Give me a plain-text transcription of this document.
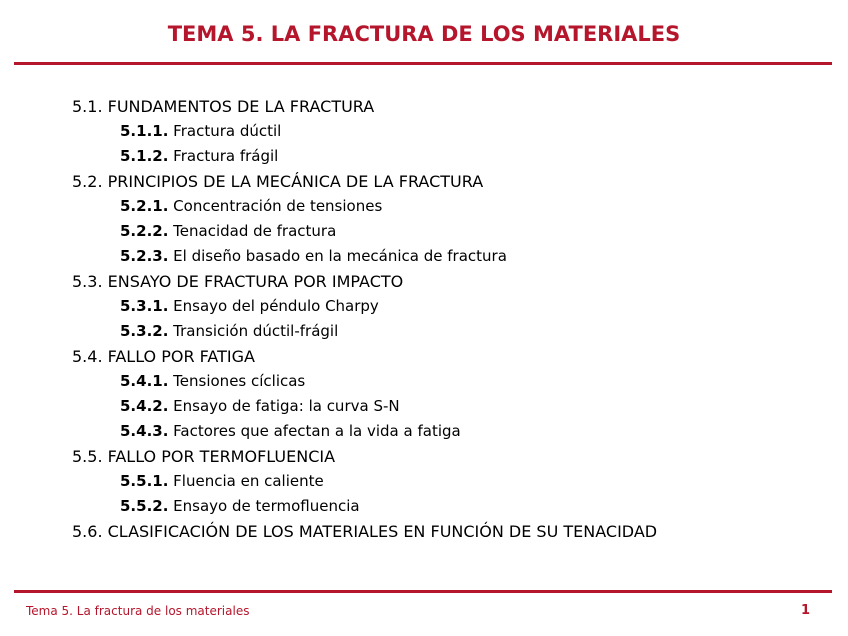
TEMA 5. LA FRACTURA DE LOS MATERIALES
5.1. FUNDAMENTOS DE LA FRACTURA
5.1.1. Fractura dúctil
5.1.2. Fractura frágil
5.2. PRINCIPIOS DE LA MECÁNICA DE LA FRACTURA
5.2.1. Concentración de tensiones
5.2.2. Tenacidad de fractura
5.2.3. El diseño basado en la mecánica de fractura
5.3. ENSAYO DE FRACTURA POR IMPACTO
5.3.1. Ensayo del péndulo Charpy
5.3.2. Transición dúctil-frágil
5.4. FALLO POR FATIGA
5.4.1. Tensiones cíclicas
5.4.2. Ensayo de fatiga: la curva S-N
5.4.3. Factores que afectan a la vida a fatiga
5.5. FALLO POR TERMOFLUENCIA
5.5.1. Fluencia en caliente
5.5.2. Ensayo de termofluencia
5.6. CLASIFICACIÓN DE LOS MATERIALES EN FUNCIÓN DE SU TENACIDAD
Tema 5. La fractura de los materiales	1
